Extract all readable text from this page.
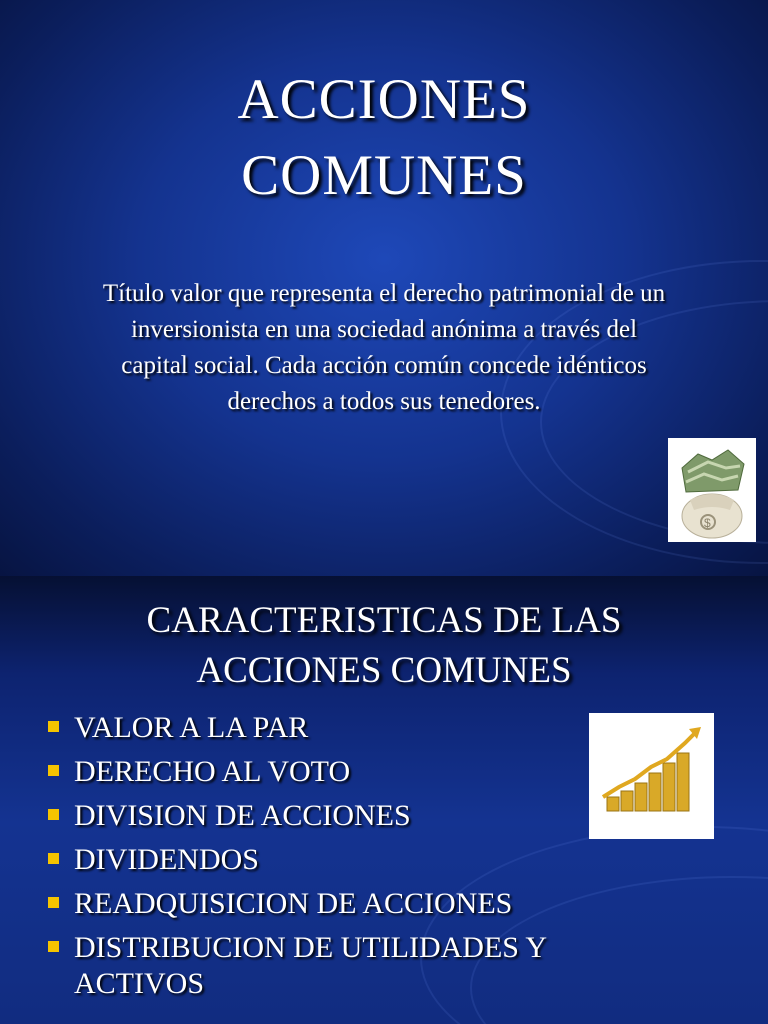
ACCIONES
COMUNES
Título valor que representa el derecho patrimonial de un inversionista en una sociedad anónima a través del capital social. Cada acción común concede idénticos derechos a todos sus tenedores.
$
CARACTERISTICAS DE LAS
ACCIONES COMUNES
VALOR A LA PAR
DERECHO AL VOTO
DIVISION DE ACCIONES
DIVIDENDOS
READQUISICION DE ACCIONES
DISTRIBUCION DE UTILIDADES Y ACTIVOS
